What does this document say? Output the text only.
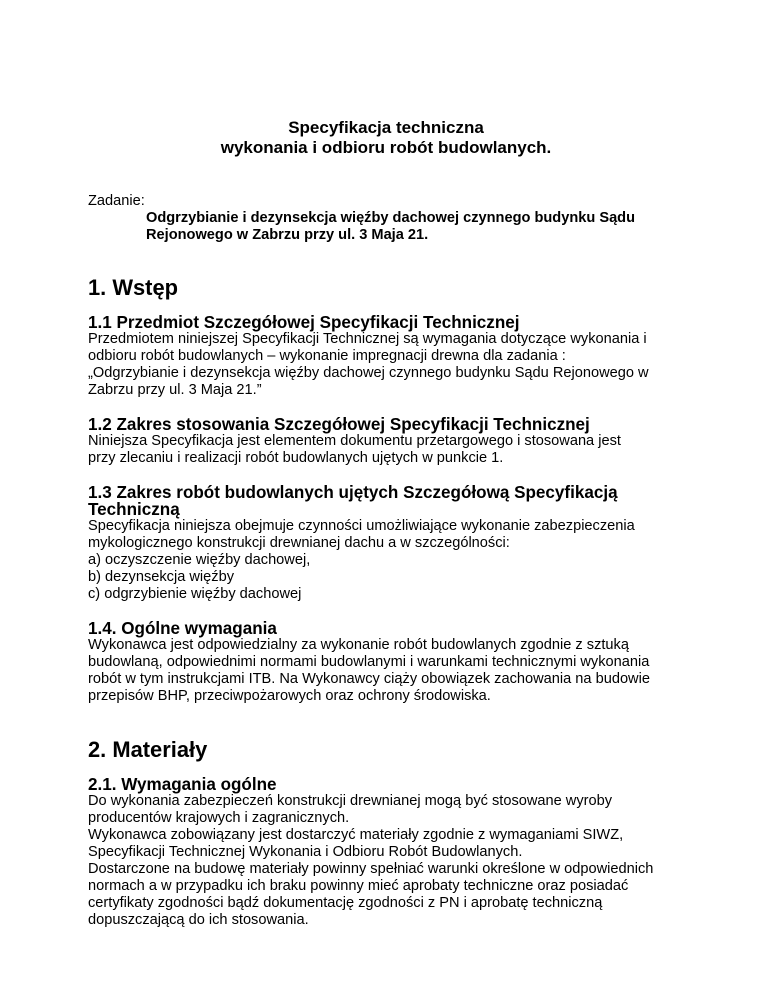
Specyfikacja techniczna
wykonania i odbioru robót budowlanych.

Zadanie:

Odgrzybianie i dezynsekcja więźby dachowej czynnego budynku Sądu
Rejonowego w Zabrzu przy ul. 3 Maja 21.

1. Wstęp
1.1 Przedmiot Szczegółowej Specyfikacji Technicznej

Przedmiotem niniejszej Specyfikacji Technicznej są wymagania dotyczące wykonania i
odbioru robót budowlanych – wykonanie impregnacji drewna dla zadania :
„Odgrzybianie i dezynsekcja więźby dachowej czynnego budynku Sądu Rejonowego w
Zabrzu przy ul. 3 Maja 21.”

1.2 Zakres stosowania Szczegółowej Specyfikacji Technicznej

Niniejsza Specyfikacja jest elementem dokumentu przetargowego i stosowana jest
przy zlecaniu i realizacji robót budowlanych ujętych w punkcie 1.

1.3 Zakres robót budowlanych ujętych Szczegółową Specyfikacją
Techniczną

Specyfikacja niniejsza obejmuje czynności umożliwiające wykonanie zabezpieczenia
mykologicznego konstrukcji drewnianej dachu a w szczególności:
a) oczyszczenie więźby dachowej,
b) dezynsekcja więźby
c) odgrzybienie więźby dachowej

1.4. Ogólne wymagania

Wykonawca jest odpowiedzialny za wykonanie robót budowlanych zgodnie z sztuką
budowlaną, odpowiednimi normami budowlanymi i warunkami technicznymi wykonania
robót w tym instrukcjami ITB. Na Wykonawcy ciąży obowiązek zachowania na budowie
przepisów BHP, przeciwpożarowych oraz ochrony środowiska.

2. Materiały
2.1. Wymagania ogólne

Do wykonania zabezpieczeń konstrukcji drewnianej mogą być stosowane wyroby
producentów krajowych i zagranicznych.
Wykonawca zobowiązany jest dostarczyć materiały zgodnie z wymaganiami SIWZ,
Specyfikacji Technicznej Wykonania i Odbioru Robót Budowlanych.
Dostarczone na budowę materiały powinny spełniać warunki określone w odpowiednich
normach a w przypadku ich braku powinny mieć aprobaty techniczne oraz posiadać
certyfikaty zgodności bądź dokumentację zgodności z PN i aprobatę techniczną
dopuszczającą do ich stosowania.
